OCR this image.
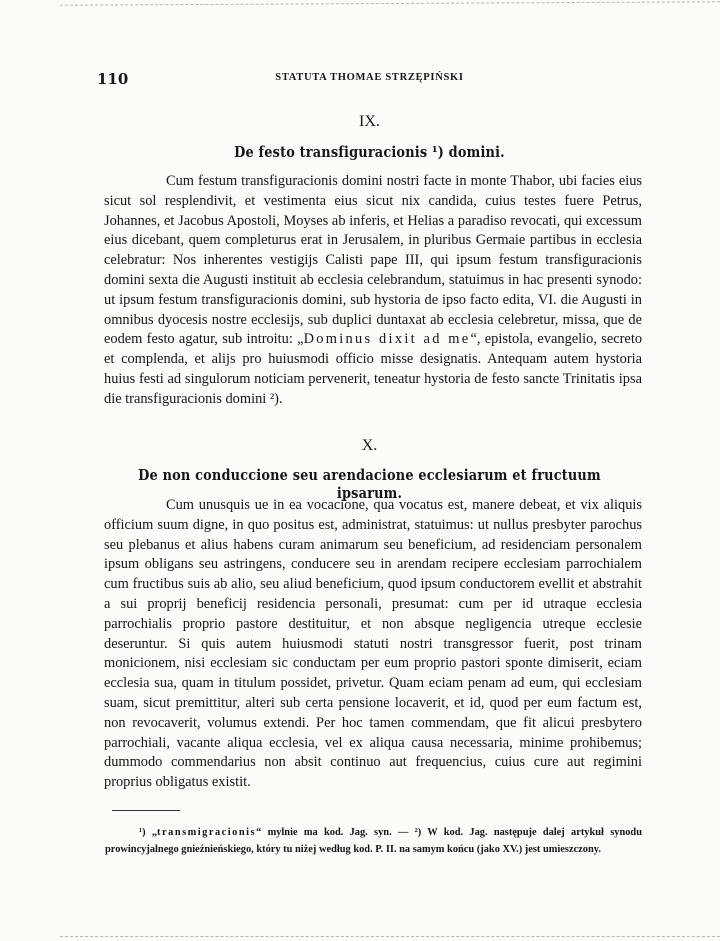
110	STATUTA THOMAE STRZĘPIŃSKI
IX.
De festo transfiguracionis ¹) domini.

Cum festum transfiguracionis domini nostri facte in monte Thabor, ubi facies eius sicut sol resplendivit, et vestimenta eius sicut nix candida, cuius testes fuere Petrus, Johannes, et Jacobus Apostoli, Moyses ab inferis, et Helias a paradiso revocati, qui excessum eius dicebant, quem completurus erat in Jerusalem, in pluribus Germaie partibus in ecclesia celebratur: Nos inherentes vestigijs Calisti pape III, qui ipsum festum transfiguracionis domini sexta die Augusti instituit ab ecclesia celebrandum, statuimus in hac presenti synodo: ut ipsum festum transfiguracionis domini, sub hystoria de ipso facto edita, VI. die Augusti in omnibus dyocesis nostre ecclesijs, sub duplici duntaxat ab ecclesia celebretur, missa, que de eodem festo agatur, sub introitu: „Dominus dixit ad me“, epistola, evangelio, secreto et complenda, et alijs pro huiusmodi officio misse designatis. Antequam autem hystoria huius festi ad singulorum noticiam pervenerit, teneatur hystoria de festo sancte Trinitatis ipsa die transfiguracionis domini ²).

X.
De non conduccione seu arendacione ecclesiarum et fructuum ipsarum.

Cum unusquis ue in ea vocacione, qua vocatus est, manere debeat, et vix aliquis officium suum digne, in quo positus est, administrat, statuimus: ut nullus presbyter parochus seu plebanus et alius habens curam animarum seu beneficium, ad residenciam personalem ipsum obligans seu astringens, conducere seu in arendam recipere ecclesiam parrochialem cum fructibus suis ab alio, seu aliud beneficium, quod ipsum conductorem evellit et abstrahit a sui proprij beneficij residencia personali, presumat: cum per id utraque ecclesia parrochialis proprio pastore destituitur, et non absque negligencia utreque ecclesie deseruntur. Si quis autem huiusmodi statuti nostri transgressor fuerit, post trinam monicionem, nisi ecclesiam sic conductam per eum proprio pastori sponte dimiserit, eciam ecclesia sua, quam in titulum possidet, privetur. Quam eciam penam ad eum, qui ecclesiam suam, sicut premittitur, alteri sub certa pensione locaverit, et id, quod per eum factum est, non revocaverit, volumus extendi. Per hoc tamen commendam, que fit alicui presbytero parrochiali, vacante aliqua ecclesia, vel ex aliqua causa necessaria, minime prohibemus; dummodo commendarius non absit continuo aut frequencius, cuius cure aut regimini proprius obligatus existit.

¹) „transmigracionis“ mylnie ma kod. Jag. syn. — ²) W kod. Jag. następuje dalej artykuł synodu prowincyjalnego gnieźnieńskiego, który tu niżej według kod. P. II. na samym końcu (jako XV.) jest umieszczony.
